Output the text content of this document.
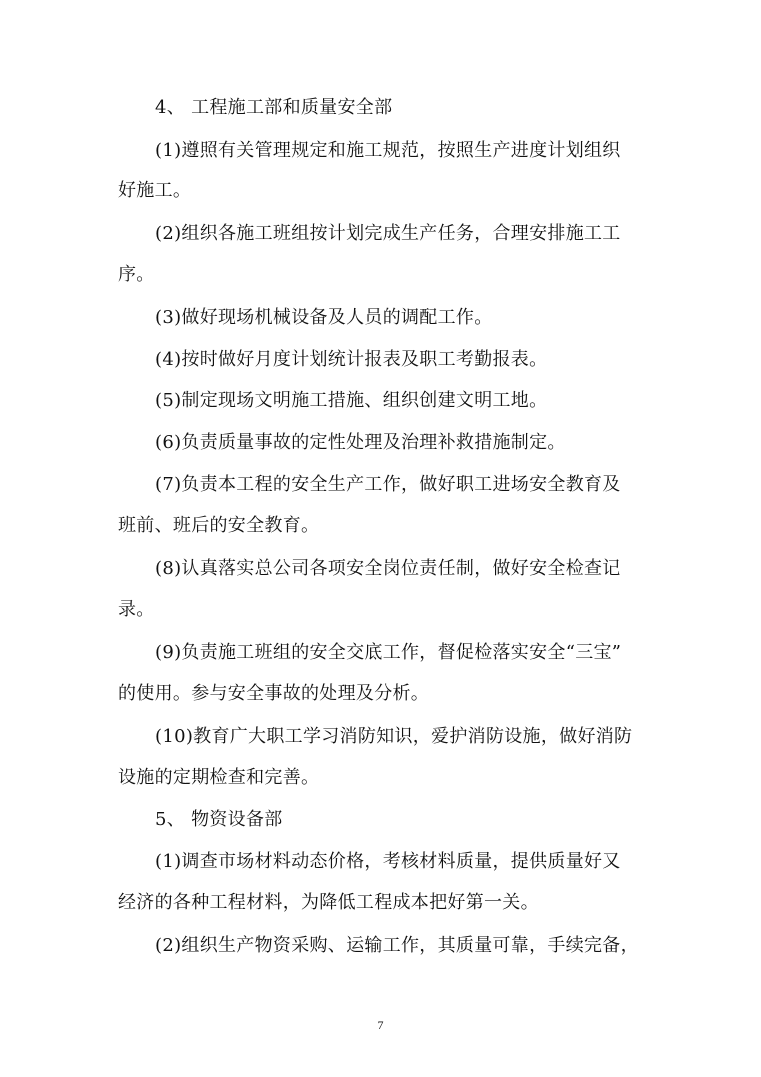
4、 工程施工部和质量安全部
(1)遵照有关管理规定和施工规范，按照生产进度计划组织
好施工。
(2)组织各施工班组按计划完成生产任务，合理安排施工工
序。
(3)做好现场机械设备及人员的调配工作。
(4)按时做好月度计划统计报表及职工考勤报表。
(5)制定现场文明施工措施、组织创建文明工地。
(6)负责质量事故的定性处理及治理补救措施制定。
(7)负责本工程的安全生产工作，做好职工进场安全教育及
班前、班后的安全教育。
(8)认真落实总公司各项安全岗位责任制，做好安全检查记
录。
(9)负责施工班组的安全交底工作，督促检落实安全“三宝”
的使用。参与安全事故的处理及分析。
(10)教育广大职工学习消防知识，爱护消防设施，做好消防
设施的定期检查和完善。
5、 物资设备部
(1)调查市场材料动态价格，考核材料质量，提供质量好又
经济的各种工程材料，为降低工程成本把好第一关。
(2)组织生产物资采购、运输工作，其质量可靠，手续完备，
7
